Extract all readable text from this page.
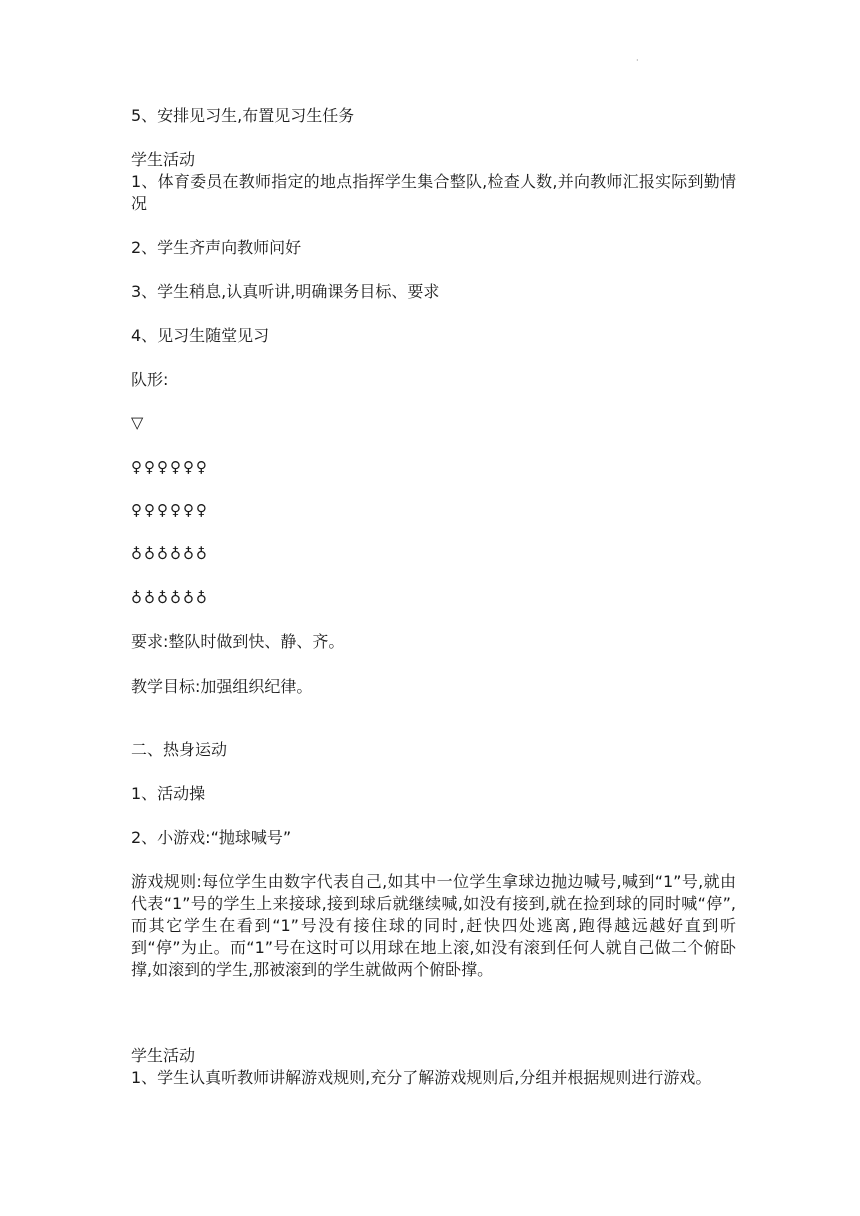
·
5、安排见习生,布置见习生任务
学生活动
1、体育委员在教师指定的地点指挥学生集合整队,检查人数,并向教师汇报实际到勤情况
2、学生齐声向教师问好
3、学生稍息,认真听讲,明确课务目标、要求
4、见习生随堂见习
队形:
▽
♀♀♀♀♀♀
♀♀♀♀♀♀
♁♁♁♁♁♁
♁♁♁♁♁♁
要求:整队时做到快、静、齐。
教学目标:加强组织纪律。
二、热身运动
1、活动操
2、小游戏:“抛球喊号”
游戏规则:每位学生由数字代表自己,如其中一位学生拿球边抛边喊号,喊到“1”号,就由代表“1”号的学生上来接球,接到球后就继续喊,如没有接到,就在捡到球的同时喊“停”,而其它学生在看到“1”号没有接住球的同时,赶快四处逃离,跑得越远越好直到听到“停”为止。而“1”号在这时可以用球在地上滚,如没有滚到任何人就自己做二个俯卧撑,如滚到的学生,那被滚到的学生就做两个俯卧撑。
学生活动
1、学生认真听教师讲解游戏规则,充分了解游戏规则后,分组并根据规则进行游戏。
